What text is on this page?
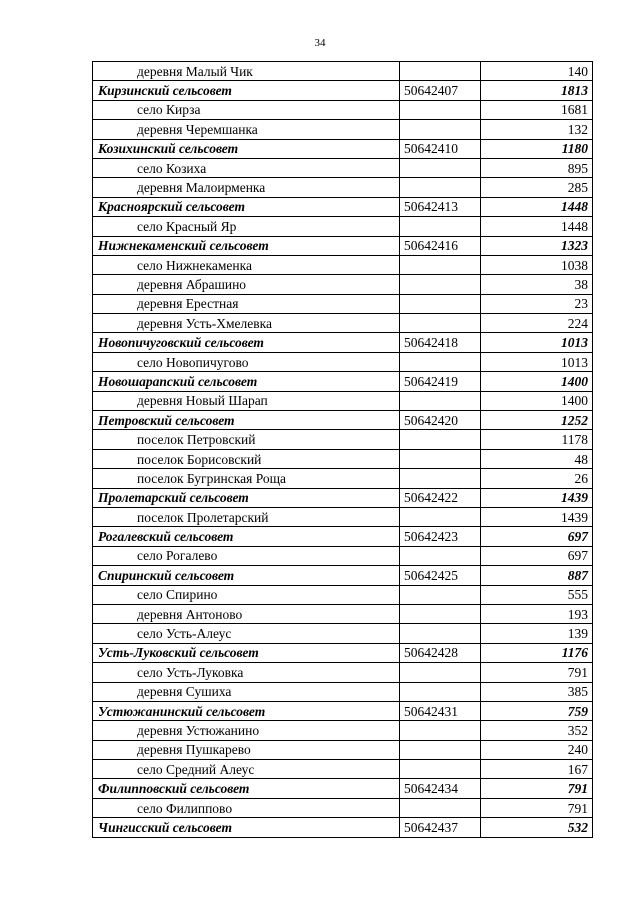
34
деревня Малый Чик		140
Кирзинский сельсовет	50642407	1813
село Кирза		1681
деревня Черемшанка		132
Козихинский сельсовет	50642410	1180
село Козиха		895
деревня Малоирменка		285
Краснoярский сельсовет	50642413	1448
село Красный Яр		1448
Нижнекаменский сельсовет	50642416	1323
село Нижнекаменка		1038
деревня Абрашино		38
деревня Ерестная		23
деревня Усть-Хмелевка		224
Новопичуговский сельсовет	50642418	1013
село Новопичугово		1013
Новошарапский сельсовет	50642419	1400
деревня Новый Шарап		1400
Петровский сельсовет	50642420	1252
поселок Петровский		1178
поселок Борисовский		48
поселок Бугринская Роща		26
Пролетарский сельсовет	50642422	1439
поселок Пролетарский		1439
Рогалевский сельсовет	50642423	697
село Рогалево		697
Спиринский сельсовет	50642425	887
село Спирино		555
деревня Антоново		193
село Усть-Алеус		139
Усть-Луковский сельсовет	50642428	1176
село Усть-Луковка		791
деревня Сушиха		385
Устюжанинский сельсовет	50642431	759
деревня Устюжанино		352
деревня Пушкарево		240
село Средний Алеус		167
Филипповский сельсовет	50642434	791
село Филиппово		791
Чингисский сельсовет	50642437	532
